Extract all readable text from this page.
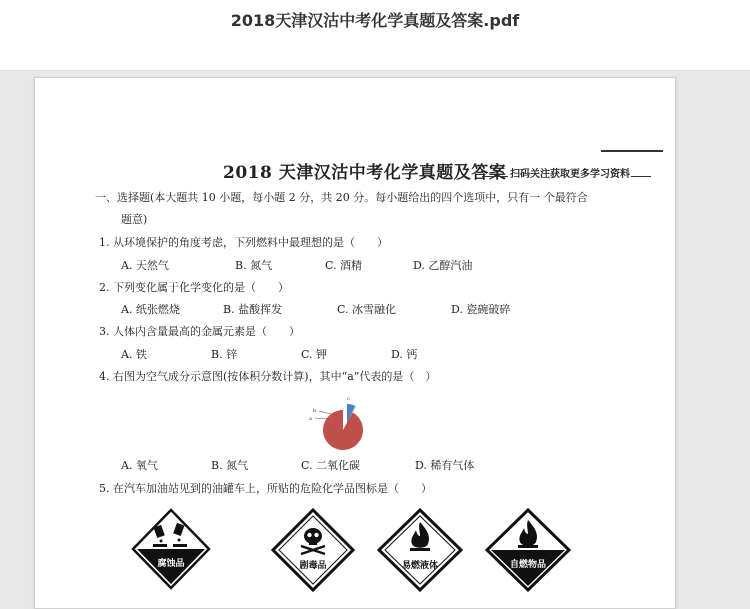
2018天津汉沽中考化学真题及答案.pdf
2018 天津汉沽中考化学真题及答案 扫码关注获取更多学习资料
一、选择题(本大题共 10 小题，每小题 2 分，共 20 分。每小题给出的四个选项中，只有一 个最符合
题意)
1. 从环境保护的角度考虑，下列燃料中最理想的是（　　）
A. 天然气	B. 氮气	C. 酒精	D. 乙醇汽油
2. 下列变化属于化学变化的是（　　）
A. 纸张燃烧	B. 盐酸挥发	C. 冰雪融化	D. 瓷碗破碎
3. 人体内含量最高的金属元素是（　　）
A. 铁	B. 锌	C. 钾	D. 钙
4. 右图为空气成分示意图(按体积分数计算)，其中“a”代表的是（　）
b
a
c
A. 氧气	B. 氮气	C. 二氧化碳	D. 稀有气体
5. 在汽车加油站见到的油罐车上，所贴的危险化学品图标是（　　）
腐蚀品	剧毒品	易燃液体	自燃物品
